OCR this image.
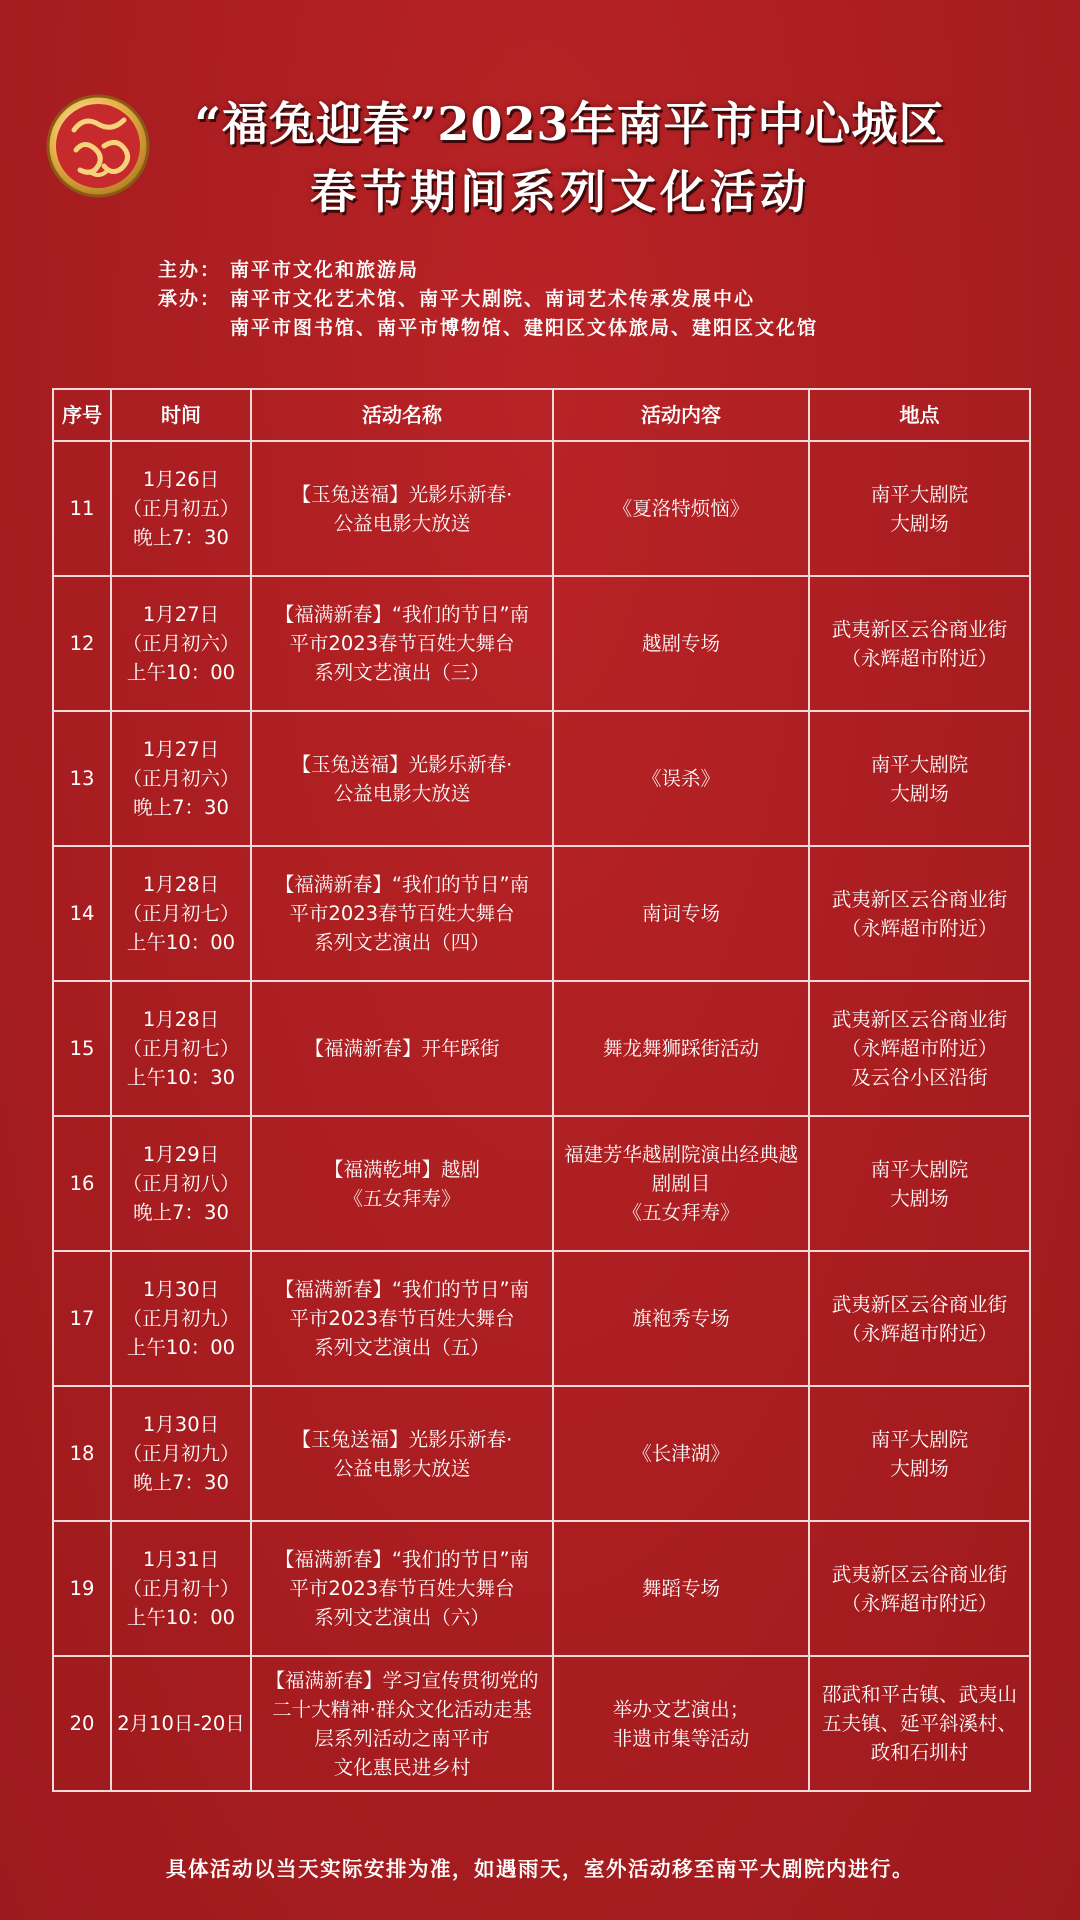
“福兔迎春”2023年南平市中心城区
春节期间系列文化活动
主办： 南平市文化和旅游局
承办： 南平市文化艺术馆、南平大剧院、南词艺术传承发展中心
南平市图书馆、南平市博物馆、建阳区文体旅局、建阳区文化馆
序号	时间	活动名称	活动内容	地点
11	1月26日
（正月初五）
晚上7：30	【玉兔送福】光影乐新春·
公益电影大放送	《夏洛特烦恼》	南平大剧院
大剧场

12	1月27日
（正月初六）
上午10：00	【福满新春】“我们的节日”南
平市2023春节百姓大舞台
系列文艺演出（三）	越剧专场	武夷新区云谷商业街
（永辉超市附近）

13	1月27日
（正月初六）
晚上7：30	【玉兔送福】光影乐新春·
公益电影大放送	《误杀》	南平大剧院
大剧场

14	1月28日
（正月初七）
上午10：00	【福满新春】“我们的节日”南
平市2023春节百姓大舞台
系列文艺演出（四）	南词专场	武夷新区云谷商业街
（永辉超市附近）

15	1月28日
（正月初七）
上午10：30	【福满新春】开年踩街	舞龙舞狮踩街活动	武夷新区云谷商业街
（永辉超市附近）
及云谷小区沿街

16	1月29日
（正月初八）
晚上7：30	【福满乾坤】越剧
《五女拜寿》	福建芳华越剧院演出经典越
剧剧目
《五女拜寿》	南平大剧院
大剧场

17	1月30日
（正月初九）
上午10：00	【福满新春】“我们的节日”南
平市2023春节百姓大舞台
系列文艺演出（五）	旗袍秀专场	武夷新区云谷商业街
（永辉超市附近）

18	1月30日
（正月初九）
晚上7：30	【玉兔送福】光影乐新春·
公益电影大放送	《长津湖》	南平大剧院
大剧场

19	1月31日
（正月初十）
上午10：00	【福满新春】“我们的节日”南
平市2023春节百姓大舞台
系列文艺演出（六）	舞蹈专场	武夷新区云谷商业街
（永辉超市附近）

20	2月10日-20日	【福满新春】学习宣传贯彻党的
二十大精神·群众文化活动走基
层系列活动之南平市
文化惠民进乡村	举办文艺演出；
非遗市集等活动	邵武和平古镇、武夷山
五夫镇、延平斜溪村、
政和石圳村
具体活动以当天实际安排为准，如遇雨天，室外活动移至南平大剧院内进行。
